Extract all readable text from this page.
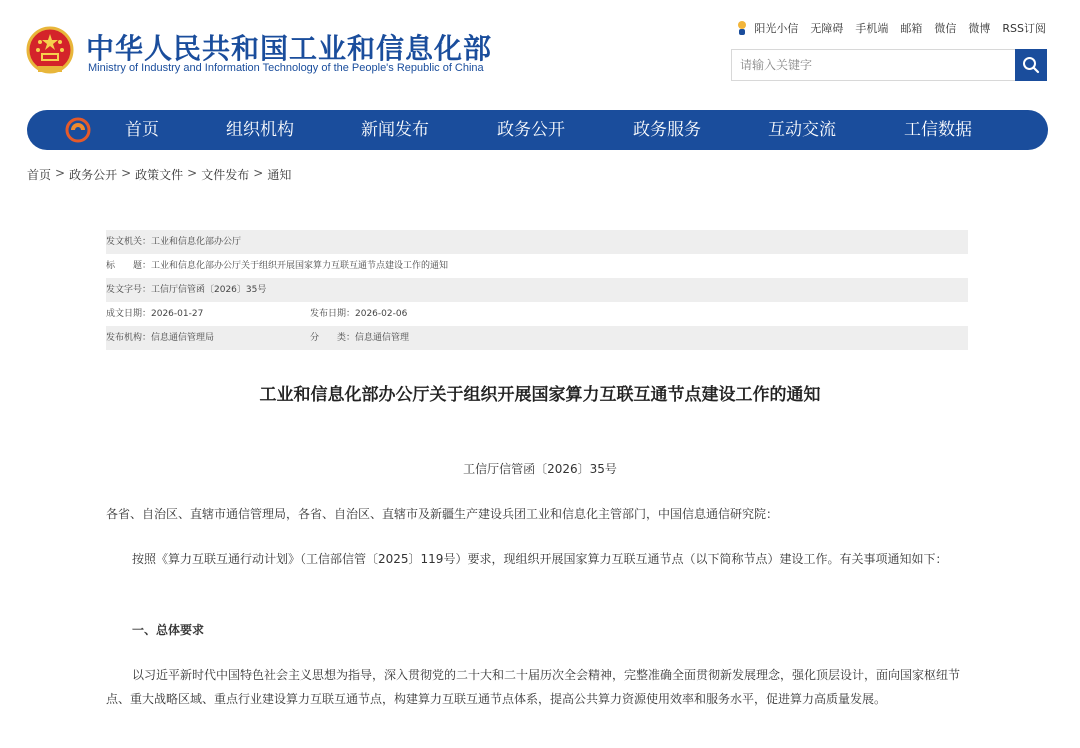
中华人民共和国工业和信息化部
Ministry of Industry and Information Technology of the People's Republic of China
阳光小信 无障碍 手机端 邮箱 微信 微博 RSS订阅
请输入关键字
首页	组织机构	新闻发布	政务公开	政务服务	互动交流	工信数据
首页 > 政务公开 > 政策文件 > 文件发布 > 通知
发文机关：工业和信息化部办公厅
标　　题：工业和信息化部办公厅关于组织开展国家算力互联互通节点建设工作的通知
发文字号：工信厅信管函〔2026〕35号
成文日期：2026-01-27	发布日期：2026-02-06
发布机构：信息通信管理局	分　　类：信息通信管理
工业和信息化部办公厅关于组织开展国家算力互联互通节点建设工作的通知
工信厅信管函〔2026〕35号
各省、自治区、直辖市通信管理局，各省、自治区、直辖市及新疆生产建设兵团工业和信息化主管部门，中国信息通信研究院：
按照《算力互联互通行动计划》（工信部信管〔2025〕119号）要求，现组织开展国家算力互联互通节点（以下简称节点）建设工作。有关事项通知如下：
一、总体要求
以习近平新时代中国特色社会主义思想为指导，深入贯彻党的二十大和二十届历次全会精神，完整准确全面贯彻新发展理念，强化顶层设计，面向国家枢纽节点、重大战略区域、重点行业建设算力互联互通节点，构建算力互联互通节点体系，提高公共算力资源使用效率和服务水平，促进算力高质量发展。
